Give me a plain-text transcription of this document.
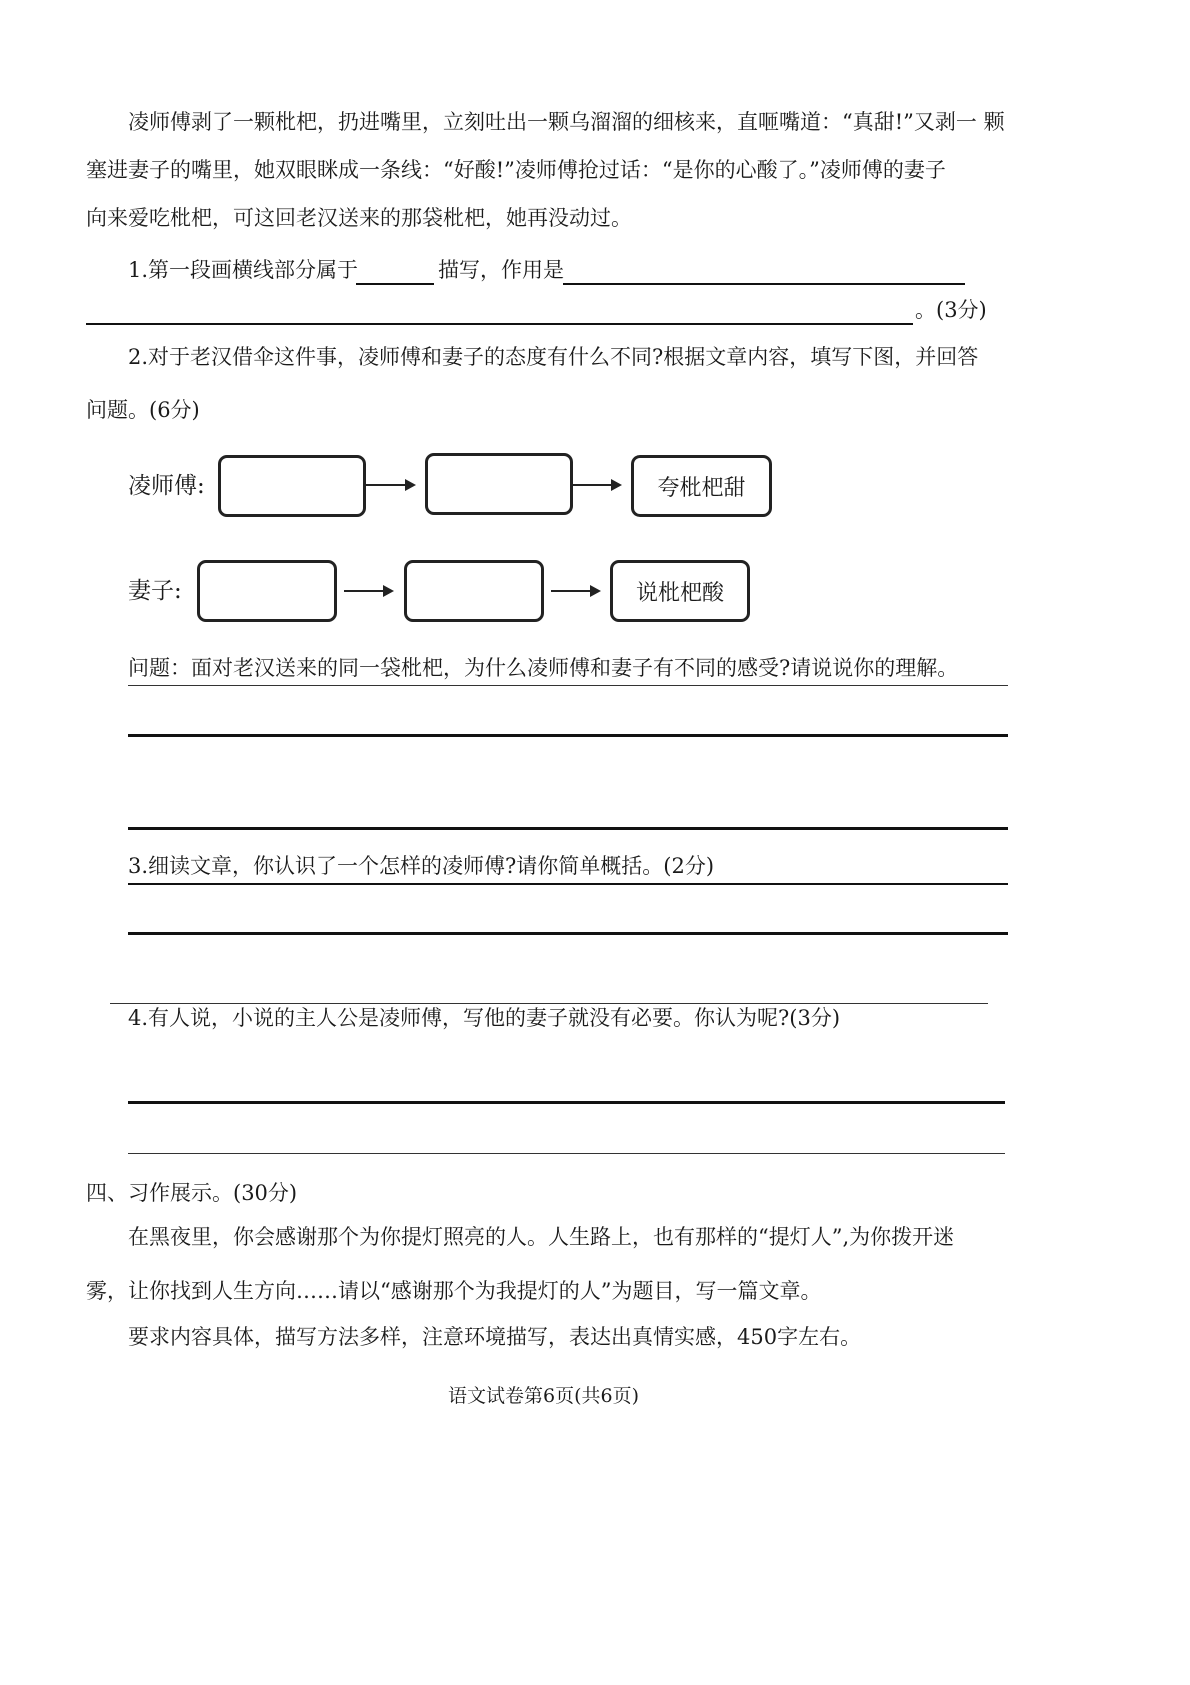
凌师傅剥了一颗枇杷，扔进嘴里，立刻吐出一颗乌溜溜的细核来，直咂嘴道：“真甜!”又剥一 颗
塞进妻子的嘴里，她双眼眯成一条线：“好酸!”凌师傅抢过话：“是你的心酸了。”凌师傅的妻子
向来爱吃枇杷，可这回老汉送来的那袋枇杷，她再没动过。
1.第一段画横线部分属于	描写，作用是
。(3分)
2.对于老汉借伞这件事，凌师傅和妻子的态度有什么不同?根据文章内容，填写下图，并回答
问题。(6分)
凌师傅:	夸枇杷甜
妻子:	说枇杷酸
问题：面对老汉送来的同一袋枇杷，为什么凌师傅和妻子有不同的感受?请说说你的理解。
3.细读文章，你认识了一个怎样的凌师傅?请你简单概括。(2分)
4.有人说，小说的主人公是凌师傅，写他的妻子就没有必要。你认为呢?(3分)
四、习作展示。(30分)
在黑夜里，你会感谢那个为你提灯照亮的人。人生路上，也有那样的“提灯人”,为你拨开迷
雾，让你找到人生方向……请以“感谢那个为我提灯的人”为题目，写一篇文章。
要求内容具体，描写方法多样，注意环境描写，表达出真情实感，450字左右。
语文试卷第6页(共6页)
